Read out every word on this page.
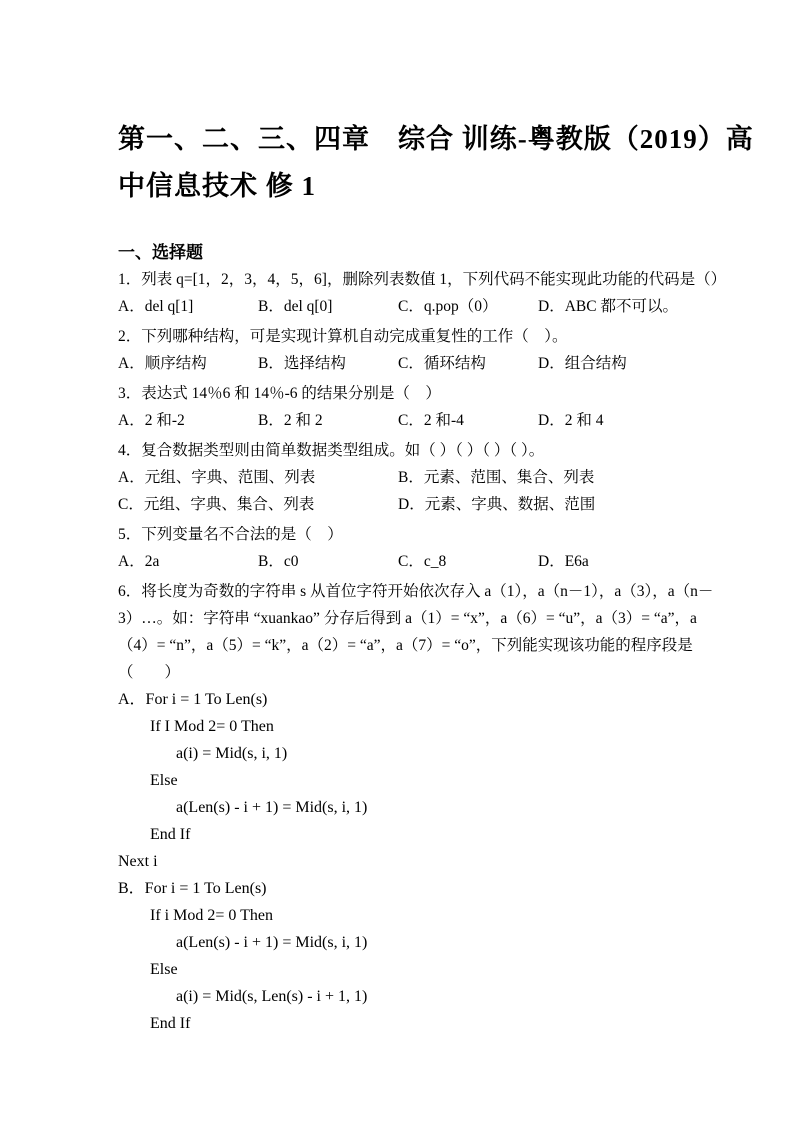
第一、二、三、四章　综合 训练-粤教版（2019）高
中信息技术 修 1
一、选择题
1．列表 q=[1，2，3，4，5，6]，删除列表数值 1，下列代码不能实现此功能的代码是（）
A．del q[1]	B．del q[0]	C．q.pop（0）	D．ABC 都不可以。
2．下列哪种结构，可是实现计算机自动完成重复性的工作（　）。
A．顺序结构	B．选择结构	C．循环结构	D．组合结构
3．表达式 14％6 和 14％-6 的结果分别是（　）
A．2 和-2	B．2 和 2	C．2 和-4	D．2 和 4
4．复合数据类型则由简单数据类型组成。如（ ）（ ）（ ）（ ）。
A．元组、字典、范围、列表	B．元素、范围、集合、列表
C．元组、字典、集合、列表	D．元素、字典、数据、范围
5．下列变量名不合法的是（　）
A．2a	B．c0	C．c_8	D．E6a
6．将长度为奇数的字符串 s 从首位字符开始依次存入 a（1），a（n－1），a（3），a（n－
3）…。如：字符串 “xuankao” 分存后得到 a（1）= “x”，a（6）= “u”，a（3）= “a”，a
（4）= “n”，a（5）= “k”，a（2）= “a”，a（7）= “o”，下列能实现该功能的程序段是
（　　）
A．For i = 1 To Len(s)
If I Mod 2= 0 Then
a(i) = Mid(s, i, 1)
Else
a(Len(s) - i + 1) = Mid(s, i, 1)
End If
Next i
B．For i = 1 To Len(s)
If i Mod 2= 0 Then
a(Len(s) - i + 1) = Mid(s, i, 1)
Else
a(i) = Mid(s, Len(s) - i + 1, 1)
End If
